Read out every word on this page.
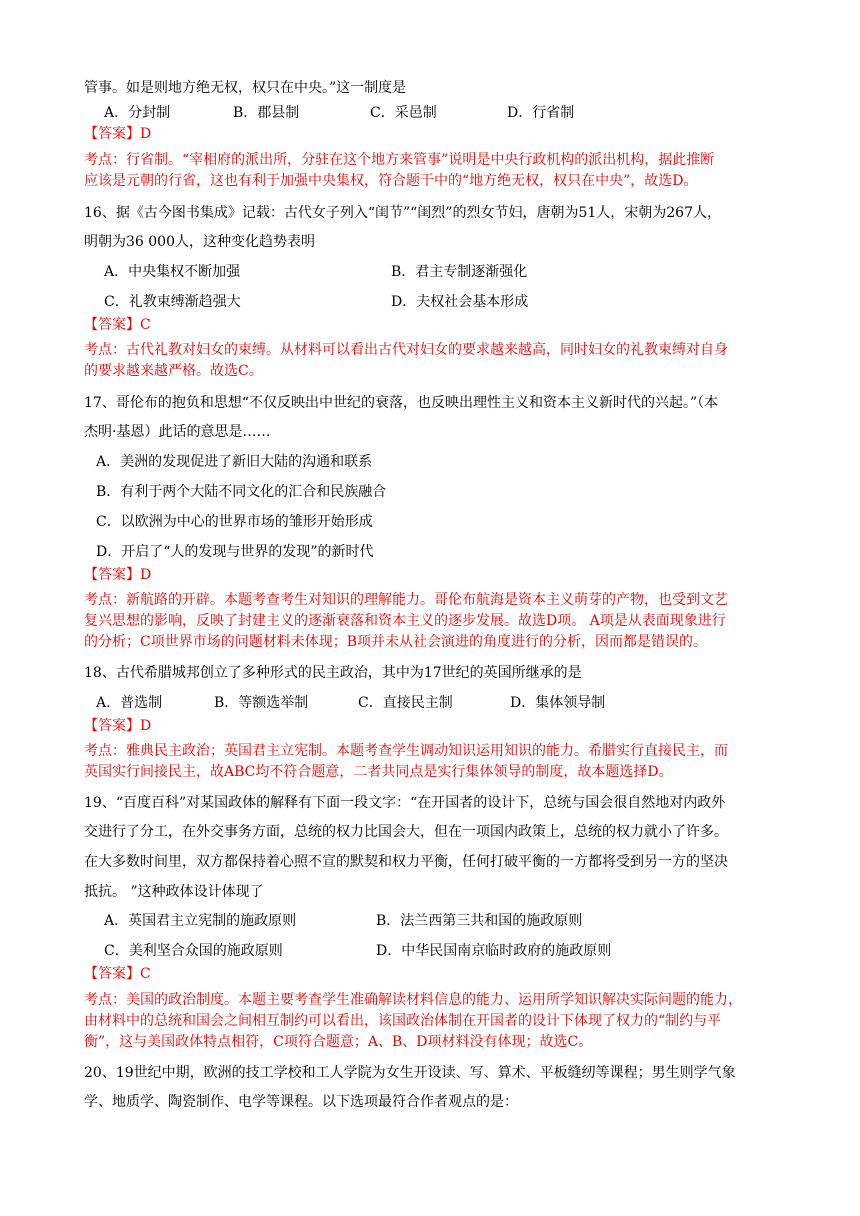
管事。如是则地方绝无权，权只在中央。”这一制度是
A．分封制	B．郡县制	C．采邑制	D．行省制
【答案】D
考点：行省制。“宰相府的派出所，分驻在这个地方来管事”说明是中央行政机构的派出机构，据此推断
应该是元朝的行省，这也有利于加强中央集权，符合题干中的“地方绝无权，权只在中央”，故选D。
16、据《古今图书集成》记载：古代女子列入“闺节”“闺烈”的烈女节妇，唐朝为51人，宋朝为267人，
明朝为36 000人，这种变化趋势表明
A．中央集权不断加强	B．君主专制逐渐强化
C．礼教束缚渐趋强大	D．夫权社会基本形成
【答案】C
考点：古代礼教对妇女的束缚。从材料可以看出古代对妇女的要求越来越高，同时妇女的礼教束缚对自身
的要求越来越严格。故选C。
17、哥伦布的抱负和思想“不仅反映出中世纪的衰落，也反映出理性主义和资本主义新时代的兴起。”（本
杰明·基恩）此话的意思是……
A．美洲的发现促进了新旧大陆的沟通和联系
B．有利于两个大陆不同文化的汇合和民族融合
C．以欧洲为中心的世界市场的雏形开始形成
D．开启了“人的发现与世界的发现”的新时代
【答案】D
考点：新航路的开辟。本题考查考生对知识的理解能力。哥伦布航海是资本主义萌芽的产物，也受到文艺
复兴思想的影响，反映了封建主义的逐渐衰落和资本主义的逐步发展。故选D项。 A项是从表面现象进行
的分析；C项世界市场的问题材料未体现；B项并未从社会演进的角度进行的分析，因而都是错误的。
18、古代希腊城邦创立了多种形式的民主政治，其中为17世纪的英国所继承的是
A．普选制	B．等额选举制	C．直接民主制	D．集体领导制
【答案】D
考点：雅典民主政治；英国君主立宪制。本题考查学生调动知识运用知识的能力。希腊实行直接民主，而
英国实行间接民主，故ABC均不符合题意，二者共同点是实行集体领导的制度，故本题选择D。
19、“百度百科”对某国政体的解释有下面一段文字：“在开国者的设计下，总统与国会很自然地对内政外
交进行了分工，在外交事务方面，总统的权力比国会大，但在一项国内政策上，总统的权力就小了许多。
在大多数时间里，双方都保持着心照不宣的默契和权力平衡，任何打破平衡的一方都将受到另一方的坚决
抵抗。 ”这种政体设计体现了
A．英国君主立宪制的施政原则	B．法兰西第三共和国的施政原则
C．美利坚合众国的施政原则	D．中华民国南京临时政府的施政原则
【答案】C
考点：美国的政治制度。本题主要考查学生准确解读材料信息的能力、运用所学知识解决实际问题的能力，
由材料中的总统和国会之间相互制约可以看出，该国政治体制在开国者的设计下体现了权力的“制约与平
衡”，这与美国政体特点相符，C项符合题意；A、B、D项材料没有体现；故选C。
20、19世纪中期，欧洲的技工学校和工人学院为女生开设读、写、算术、平板缝纫等课程；男生则学气象
学、地质学、陶瓷制作、电学等课程。以下选项最符合作者观点的是：
